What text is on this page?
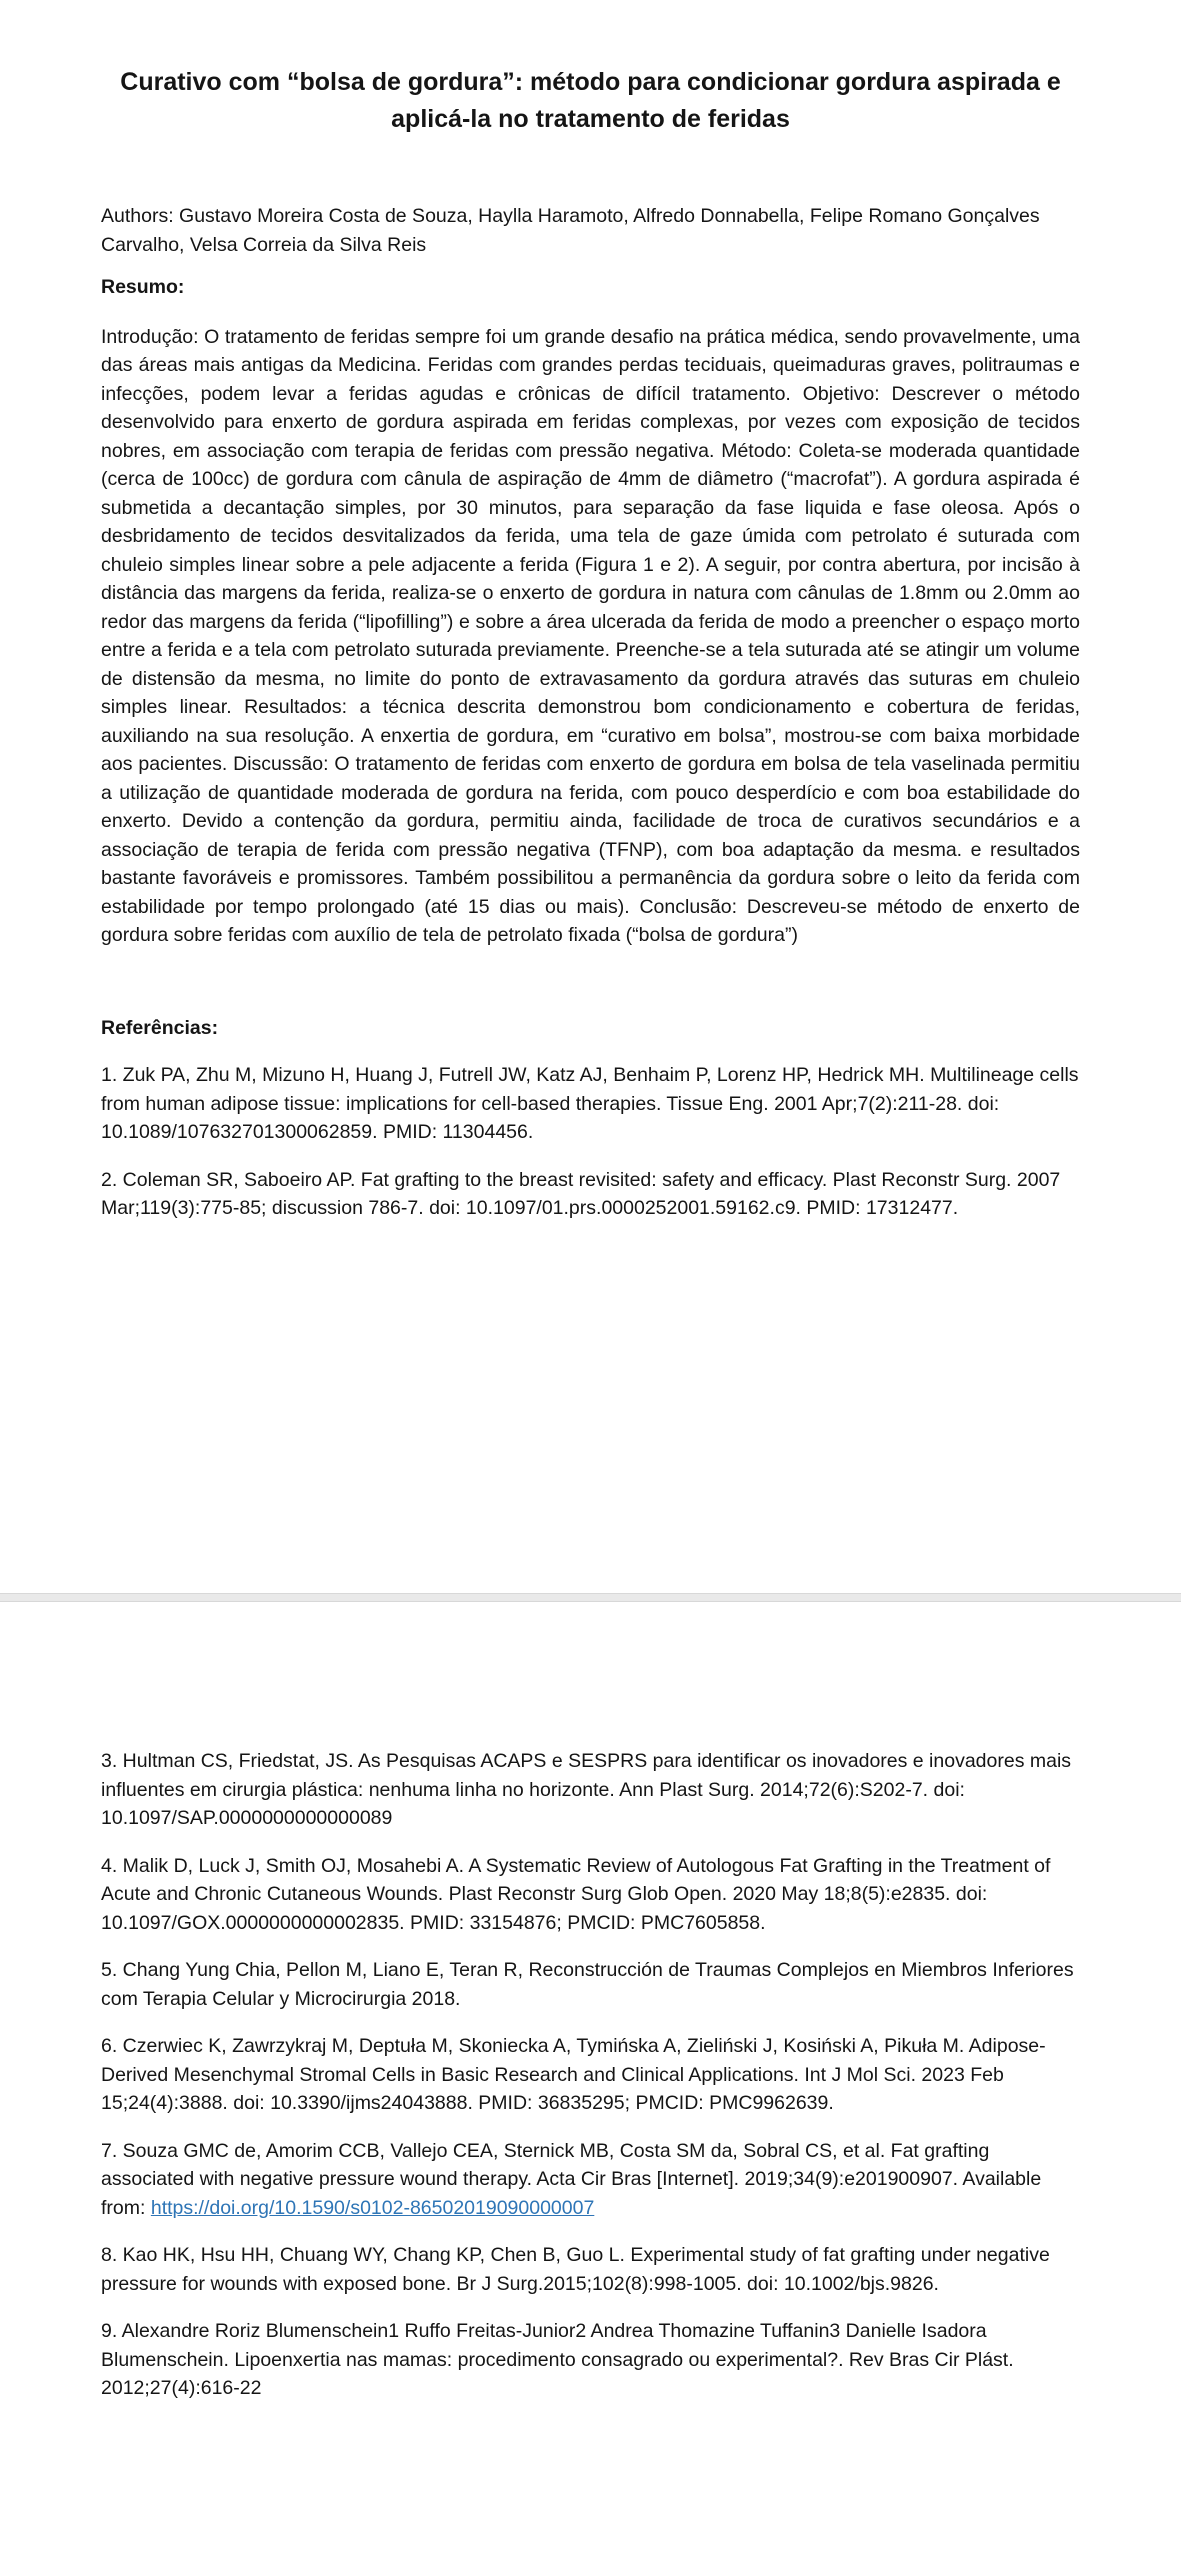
Curativo com “bolsa de gordura”: método para condicionar gordura aspirada e aplicá-la no tratamento de feridas

Authors: Gustavo Moreira Costa de Souza, Haylla Haramoto, Alfredo Donnabella, Felipe Romano Gonçalves Carvalho, Velsa Correia da Silva Reis

Resumo:

Introdução: O tratamento de feridas sempre foi um grande desafio na prática médica, sendo provavelmente, uma das áreas mais antigas da Medicina. Feridas com grandes perdas teciduais, queimaduras graves, politraumas e infecções, podem levar a feridas agudas e crônicas de difícil tratamento. Objetivo: Descrever o método desenvolvido para enxerto de gordura aspirada em feridas complexas, por vezes com exposição de tecidos nobres, em associação com terapia de feridas com pressão negativa. Método: Coleta-se moderada quantidade (cerca de 100cc) de gordura com cânula de aspiração de 4mm de diâmetro (“macrofat”). A gordura aspirada é submetida a decantação simples, por 30 minutos, para separação da fase liquida e fase oleosa. Após o desbridamento de tecidos desvitalizados da ferida, uma tela de gaze úmida com petrolato é suturada com chuleio simples linear sobre a pele adjacente a ferida (Figura 1 e 2). A seguir, por contra abertura, por incisão à distância das margens da ferida, realiza-se o enxerto de gordura in natura com cânulas de 1.8mm ou 2.0mm ao redor das margens da ferida (“lipofilling”) e sobre a área ulcerada da ferida de modo a preencher o espaço morto entre a ferida e a tela com petrolato suturada previamente. Preenche-se a tela suturada até se atingir um volume de distensão da mesma, no limite do ponto de extravasamento da gordura através das suturas em chuleio simples linear. Resultados: a técnica descrita demonstrou bom condicionamento e cobertura de feridas, auxiliando na sua resolução. A enxertia de gordura, em “curativo em bolsa”, mostrou-se com baixa morbidade aos pacientes. Discussão: O tratamento de feridas com enxerto de gordura em bolsa de tela vaselinada permitiu a utilização de quantidade moderada de gordura na ferida, com pouco desperdício e com boa estabilidade do enxerto. Devido a contenção da gordura, permitiu ainda, facilidade de troca de curativos secundários e a associação de terapia de ferida com pressão negativa (TFNP), com boa adaptação da mesma. e resultados bastante favoráveis e promissores. Também possibilitou a permanência da gordura sobre o leito da ferida com estabilidade por tempo prolongado (até 15 dias ou mais). Conclusão: Descreveu-se método de enxerto de gordura sobre feridas com auxílio de tela de petrolato fixada (“bolsa de gordura”)

Referências:

1. Zuk PA, Zhu M, Mizuno H, Huang J, Futrell JW, Katz AJ, Benhaim P, Lorenz HP, Hedrick MH. Multilineage cells from human adipose tissue: implications for cell-based therapies. Tissue Eng. 2001 Apr;7(2):211-28. doi: 10.1089/107632701300062859. PMID: 11304456.

2. Coleman SR, Saboeiro AP. Fat grafting to the breast revisited: safety and efficacy. Plast Reconstr Surg. 2007 Mar;119(3):775-85; discussion 786-7. doi: 10.1097/01.prs.0000252001.59162.c9. PMID: 17312477.

3. Hultman CS, Friedstat, JS. As Pesquisas ACAPS e SESPRS para identificar os inovadores e inovadores mais influentes em cirurgia plástica: nenhuma linha no horizonte. Ann Plast Surg. 2014;72(6):S202-7. doi: 10.1097/SAP.0000000000000089

4. Malik D, Luck J, Smith OJ, Mosahebi A. A Systematic Review of Autologous Fat Grafting in the Treatment of Acute and Chronic Cutaneous Wounds. Plast Reconstr Surg Glob Open. 2020 May 18;8(5):e2835. doi: 10.1097/GOX.0000000000002835. PMID: 33154876; PMCID: PMC7605858.

5. Chang Yung Chia, Pellon M, Liano E, Teran R, Reconstrucción de Traumas Complejos en Miembros Inferiores com Terapia Celular y Microcirurgia 2018.

6. Czerwiec K, Zawrzykraj M, Deptuła M, Skoniecka A, Tymińska A, Zieliński J, Kosiński A, Pikuła M. Adipose-Derived Mesenchymal Stromal Cells in Basic Research and Clinical Applications. Int J Mol Sci. 2023 Feb 15;24(4):3888. doi: 10.3390/ijms24043888. PMID: 36835295; PMCID: PMC9962639.

7. Souza GMC de, Amorim CCB, Vallejo CEA, Sternick MB, Costa SM da, Sobral CS, et al. Fat grafting associated with negative pressure wound therapy. Acta Cir Bras [Internet]. 2019;34(9):e201900907. Available from: https://doi.org/10.1590/s0102-86502019090000007

8. Kao HK, Hsu HH, Chuang WY, Chang KP, Chen B, Guo L. Experimental study of fat grafting under negative pressure for wounds with exposed bone. Br J Surg.2015;102(8):998-1005. doi: 10.1002/bjs.9826.

9. Alexandre Roriz Blumenschein1 Ruffo Freitas-Junior2 Andrea Thomazine Tuffanin3 Danielle Isadora Blumenschein. Lipoenxertia nas mamas: procedimento consagrado ou experimental?. Rev Bras Cir Plást. 2012;27(4):616-22
